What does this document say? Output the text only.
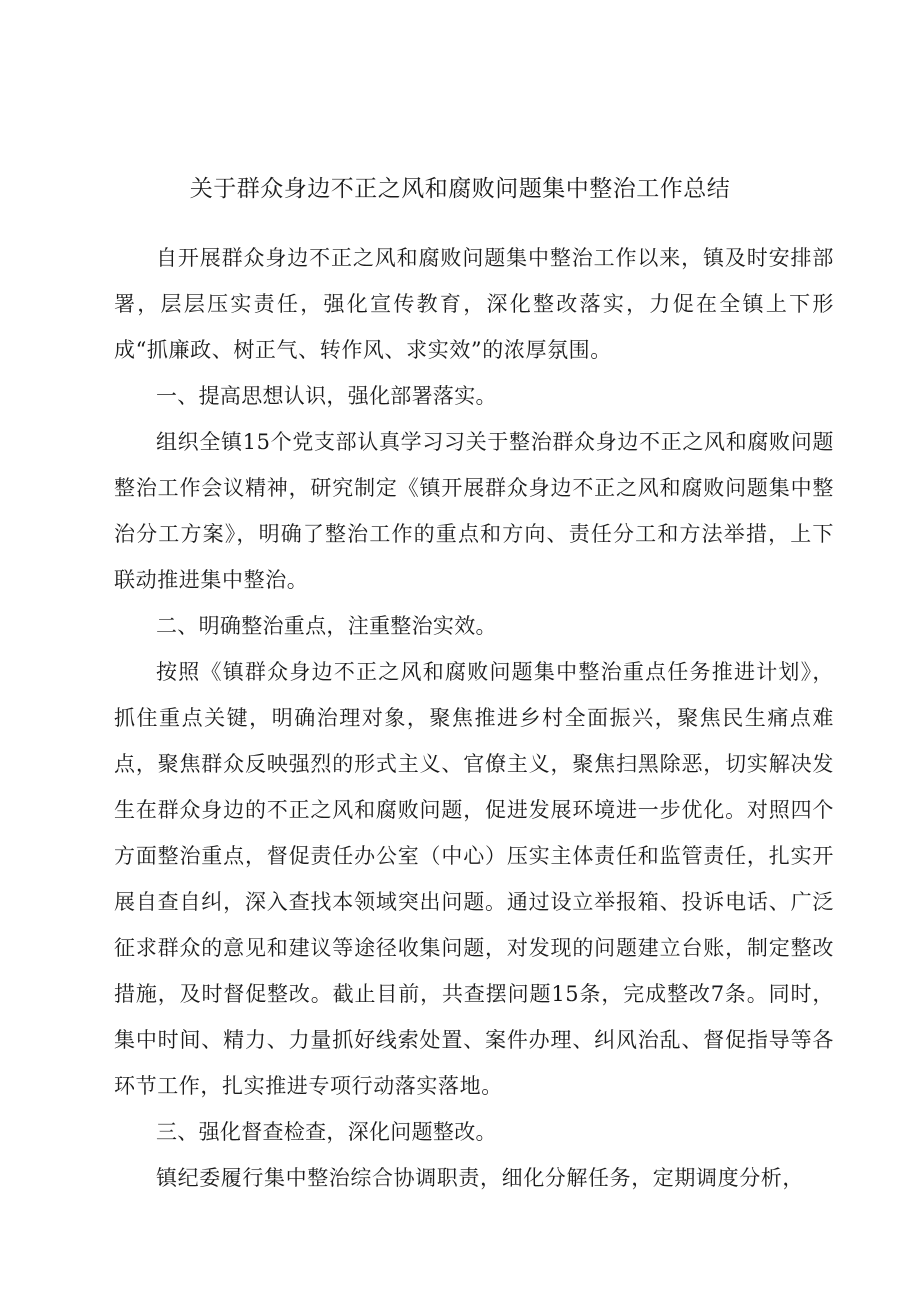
关于群众身边不正之风和腐败问题集中整治工作总结

自开展群众身边不正之风和腐败问题集中整治工作以来，镇及时安排部署，层层压实责任，强化宣传教育，深化整改落实，力促在全镇上下形成“抓廉政、树正气、转作风、求实效”的浓厚氛围。

一、提高思想认识，强化部署落实。

组织全镇15个党支部认真学习习关于整治群众身边不正之风和腐败问题整治工作会议精神，研究制定《镇开展群众身边不正之风和腐败问题集中整治分工方案》，明确了整治工作的重点和方向、责任分工和方法举措，上下联动推进集中整治。

二、明确整治重点，注重整治实效。

按照《镇群众身边不正之风和腐败问题集中整治重点任务推进计划》，抓住重点关键，明确治理对象，聚焦推进乡村全面振兴，聚焦民生痛点难点，聚焦群众反映强烈的形式主义、官僚主义，聚焦扫黑除恶，切实解决发生在群众身边的不正之风和腐败问题，促进发展环境进一步优化。对照四个方面整治重点，督促责任办公室（中心）压实主体责任和监管责任，扎实开展自查自纠，深入查找本领域突出问题。通过设立举报箱、投诉电话、广泛征求群众的意见和建议等途径收集问题，对发现的问题建立台账，制定整改措施，及时督促整改。截止目前，共查摆问题15条，完成整改7条。同时，集中时间、精力、力量抓好线索处置、案件办理、纠风治乱、督促指导等各环节工作，扎实推进专项行动落实落地。

三、强化督查检查，深化问题整改。

镇纪委履行集中整治综合协调职责，细化分解任务，定期调度分析，
